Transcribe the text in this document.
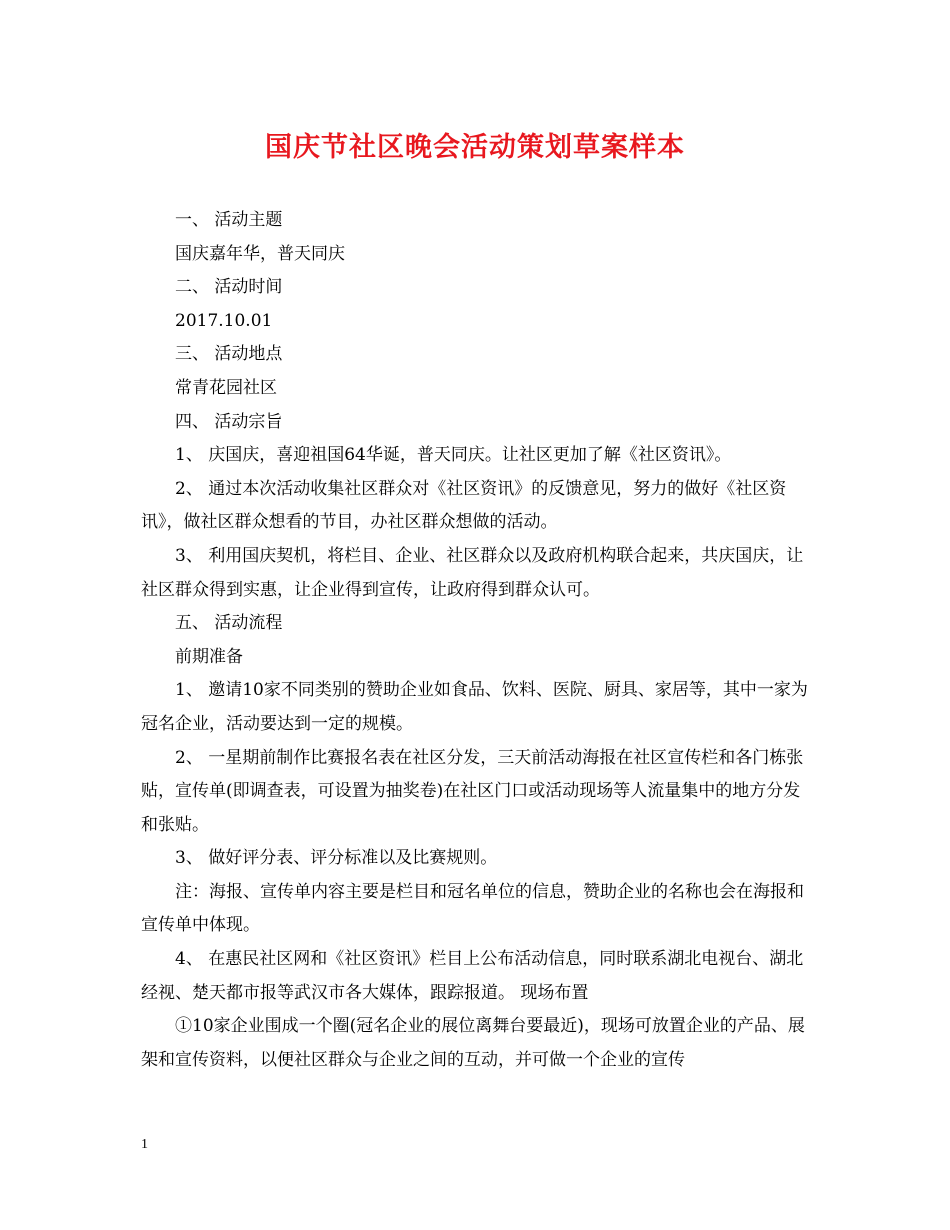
国庆节社区晚会活动策划草案样本

一、 活动主题

国庆嘉年华，普天同庆

二、 活动时间

2017.10.01

三、 活动地点

常青花园社区

四、 活动宗旨

1、 庆国庆，喜迎祖国64华诞，普天同庆。让社区更加了解《社区资讯》。

2、 通过本次活动收集社区群众对《社区资讯》的反馈意见，努力的做好《社区资讯》，做社区群众想看的节目，办社区群众想做的活动。

3、 利用国庆契机，将栏目、企业、社区群众以及政府机构联合起来，共庆国庆，让社区群众得到实惠，让企业得到宣传，让政府得到群众认可。

五、 活动流程

前期准备

1、 邀请10家不同类别的赞助企业如食品、饮料、医院、厨具、家居等，其中一家为冠名企业，活动要达到一定的规模。

2、 一星期前制作比赛报名表在社区分发，三天前活动海报在社区宣传栏和各门栋张贴，宣传单(即调查表，可设置为抽奖卷)在社区门口或活动现场等人流量集中的地方分发和张贴。

3、 做好评分表、评分标准以及比赛规则。

注：海报、宣传单内容主要是栏目和冠名单位的信息，赞助企业的名称也会在海报和宣传单中体现。

4、 在惠民社区网和《社区资讯》栏目上公布活动信息，同时联系湖北电视台、湖北经视、楚天都市报等武汉市各大媒体，跟踪报道。 现场布置

①10家企业围成一个圈(冠名企业的展位离舞台要最近)，现场可放置企业的产品、展架和宣传资料，以便社区群众与企业之间的互动，并可做一个企业的宣传

1
